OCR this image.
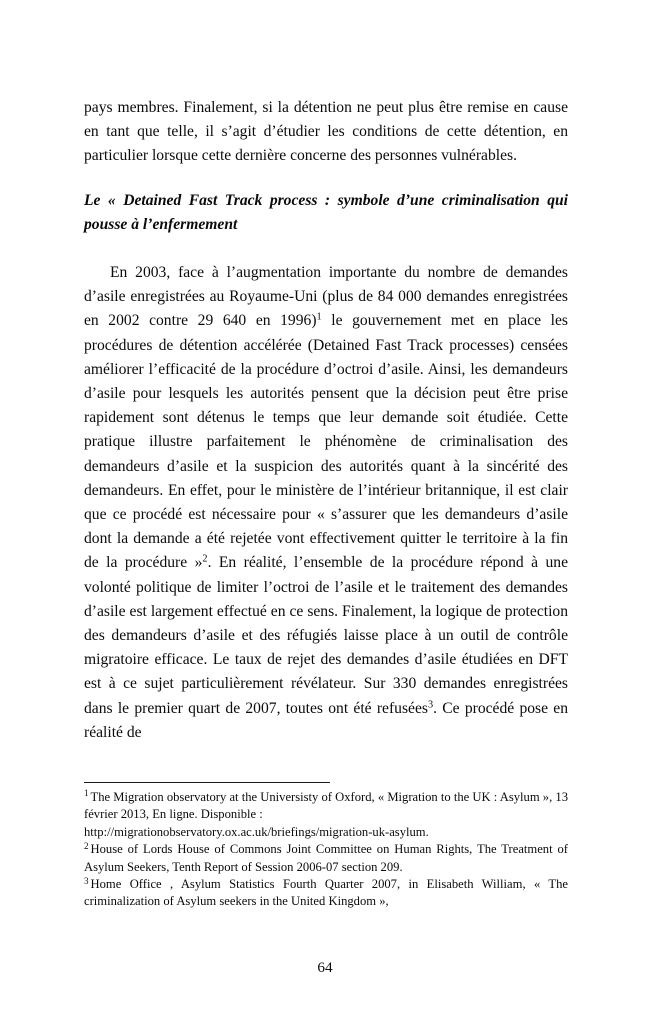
pays membres. Finalement, si la détention ne peut plus être remise en cause en tant que telle, il s’agit d’étudier les conditions de cette détention, en particulier lorsque cette dernière concerne des personnes vulnérables.

Le « Detained Fast Track process : symbole d’une criminalisation qui pousse à l’enfermement

En 2003, face à l’augmentation importante du nombre de demandes d’asile enregistrées au Royaume-Uni (plus de 84 000 demandes enregistrées en 2002 contre 29 640 en 1996)$^1$ le gouvernement met en place les procédures de détention accélérée (Detained Fast Track processes) censées améliorer l’efficacité de la procédure d’octroi d’asile. Ainsi, les demandeurs d’asile pour lesquels les autorités pensent que la décision peut être prise rapidement sont détenus le temps que leur demande soit étudiée. Cette pratique illustre parfaitement le phénomène de criminalisation des demandeurs d’asile et la suspicion des autorités quant à la sincérité des demandeurs. En effet, pour le ministère de l’intérieur britannique, il est clair que ce procédé est nécessaire pour « s’assurer que les demandeurs d’asile dont la demande a été rejetée vont effectivement quitter le territoire à la fin de la procédure »$^2$. En réalité, l’ensemble de la procédure répond à une volonté politique de limiter l’octroi de l’asile et le traitement des demandes d’asile est largement effectué en ce sens. Finalement, la logique de protection des demandeurs d’asile et des réfugiés laisse place à un outil de contrôle migratoire efficace. Le taux de rejet des demandes d’asile étudiées en DFT est à ce sujet particulièrement révélateur. Sur 330 demandes enregistrées dans le premier quart de 2007, toutes ont été refusées$^3$. Ce procédé pose en réalité de

$^1$ The Migration observatory at the Universisty of Oxford, « Migration to the UK : Asylum », 13 février 2013, En ligne. Disponible :

http://migrationobservatory.ox.ac.uk/briefings/migration-uk-asylum.

$^2$ House of Lords House of Commons Joint Committee on Human Rights, The Treatment of Asylum Seekers, Tenth Report of Session 2006-07 section 209.

$^3$ Home Office , Asylum Statistics Fourth Quarter 2007, in Elisabeth William, « The criminalization of Asylum seekers in the United Kingdom »,

64
